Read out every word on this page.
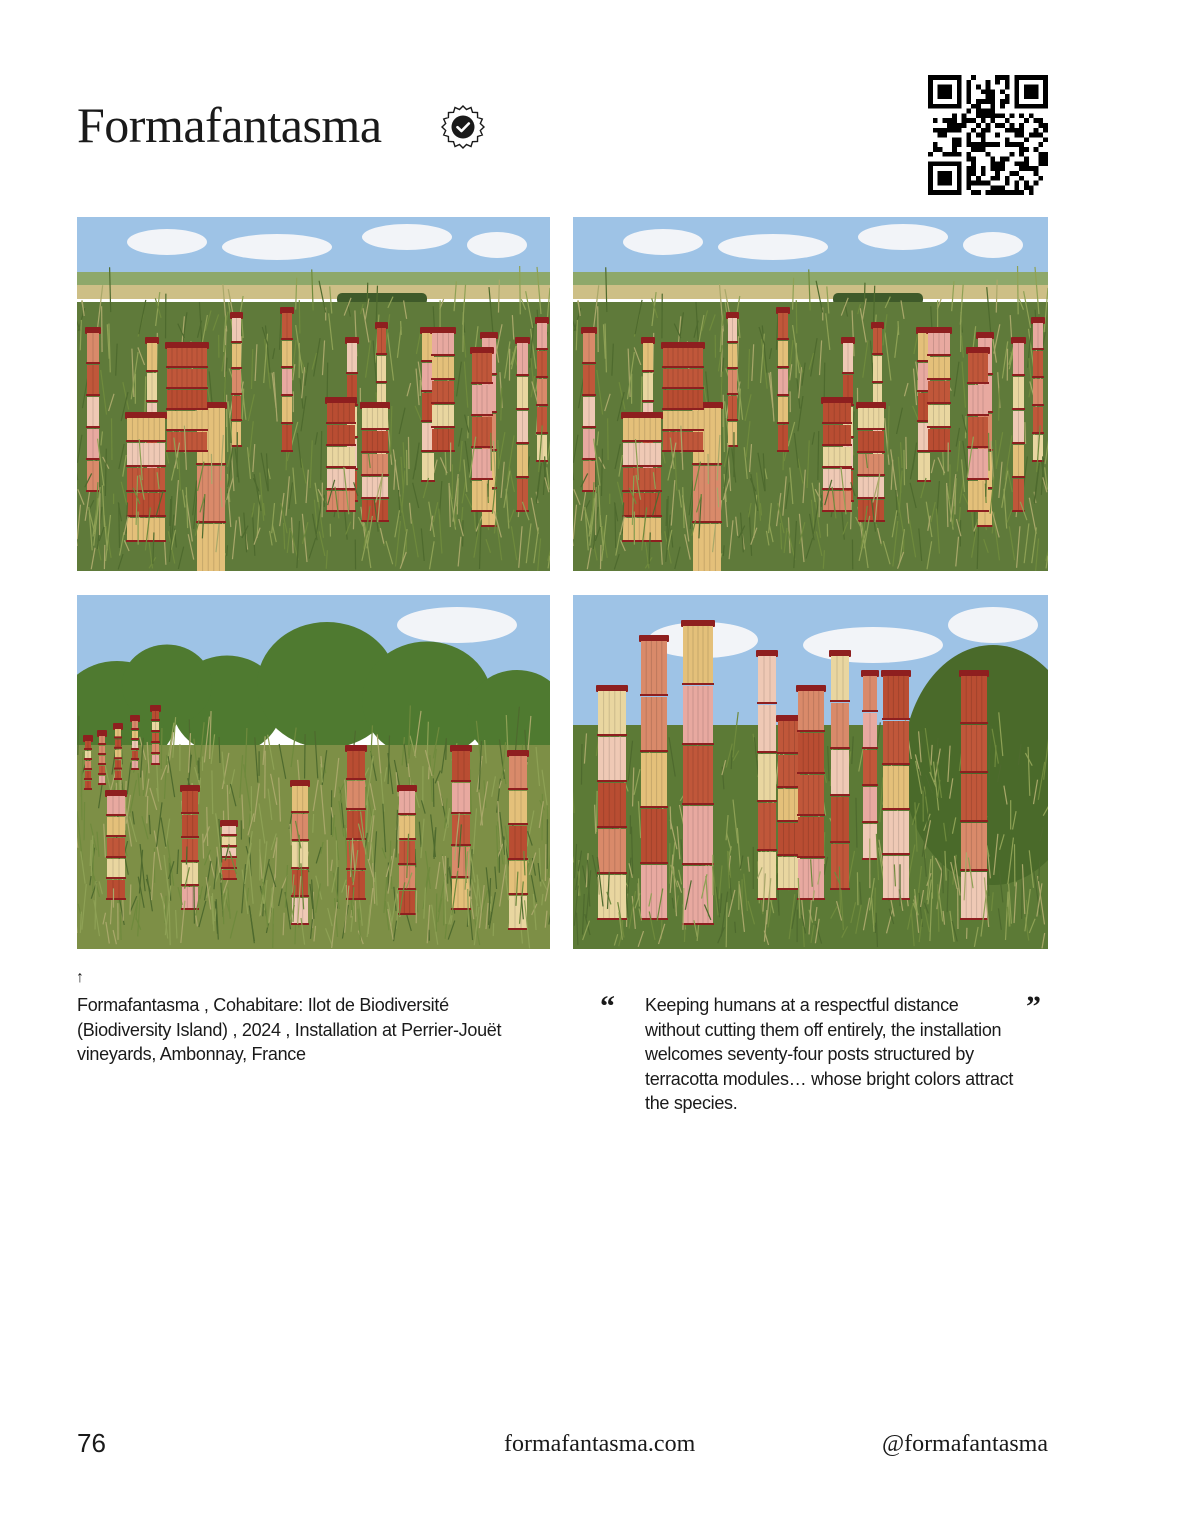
Formafantasma
↑

Formafantasma , Cohabitare: Ilot de Biodiversité (Biodiversity Island) , 2024 , Installation at Perrier-Jouët vineyards, Ambonnay, France

“ Keeping humans at a respectful distance without cutting them off entirely, the installation welcomes seventy-four posts structured by terracotta modules… whose bright colors attract the species.

”
76	formafantasma.com	@formafantasma
